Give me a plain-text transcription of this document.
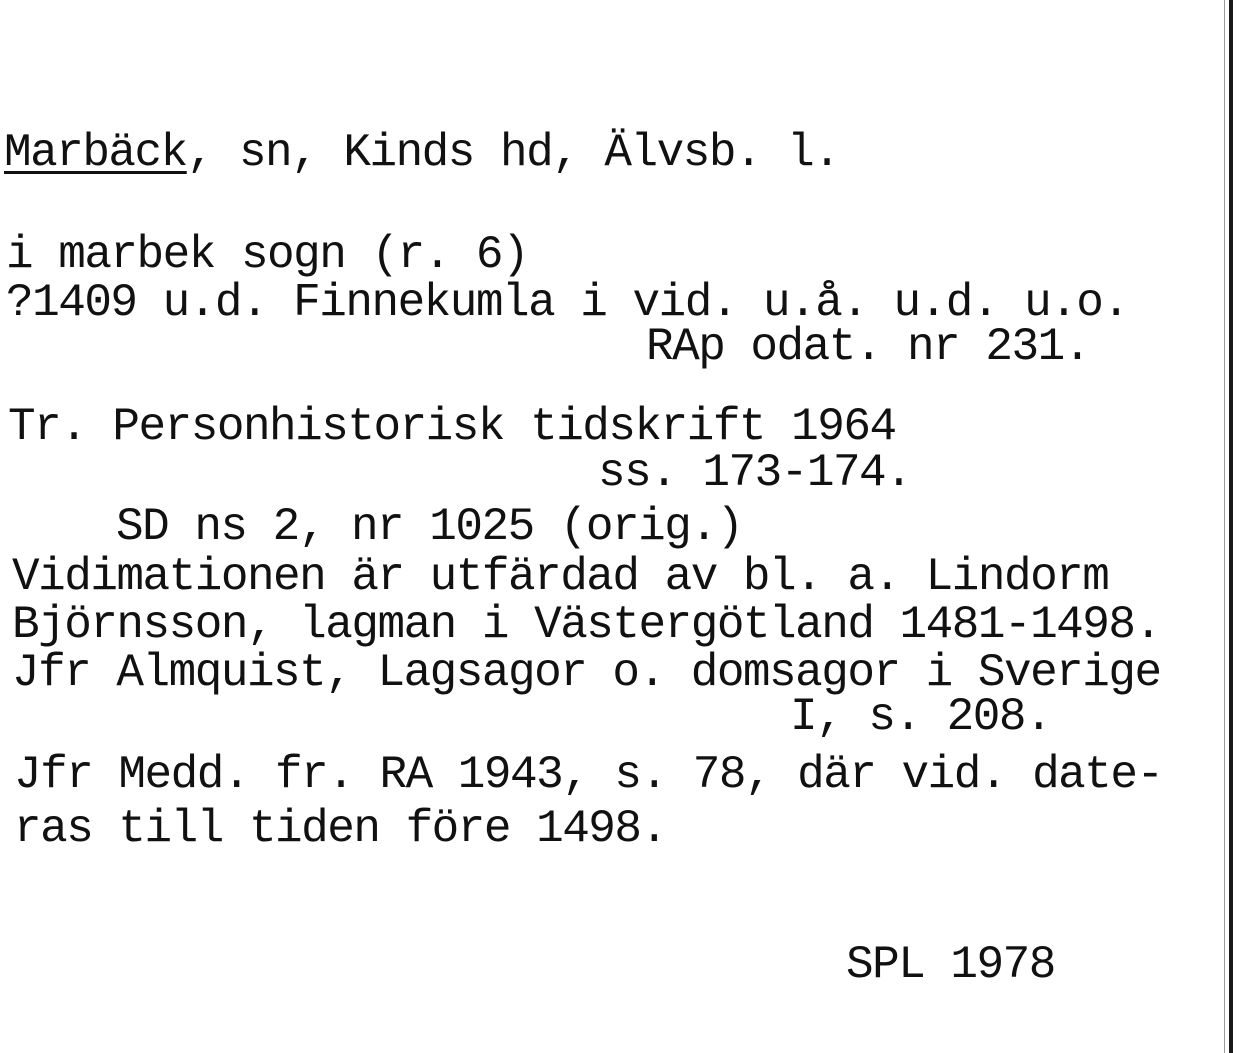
Marbäck, sn, Kinds hd, Älvsb. l.
i marbek sogn (r. 6)
?1409 u.d. Finnekumla i vid. u.å. u.d. u.o.
RAp odat. nr 231.
Tr. Personhistorisk tidskrift 1964
ss. 173-174.
SD ns 2, nr 1025 (orig.)
Vidimationen är utfärdad av bl. a. Lindorm
Björnsson, lagman i Västergötland 1481-1498.
Jfr Almquist, Lagsagor o. domsagor i Sverige
I, s. 208.
Jfr Medd. fr. RA 1943, s. 78, där vid. date-
ras till tiden före 1498.
SPL 1978
